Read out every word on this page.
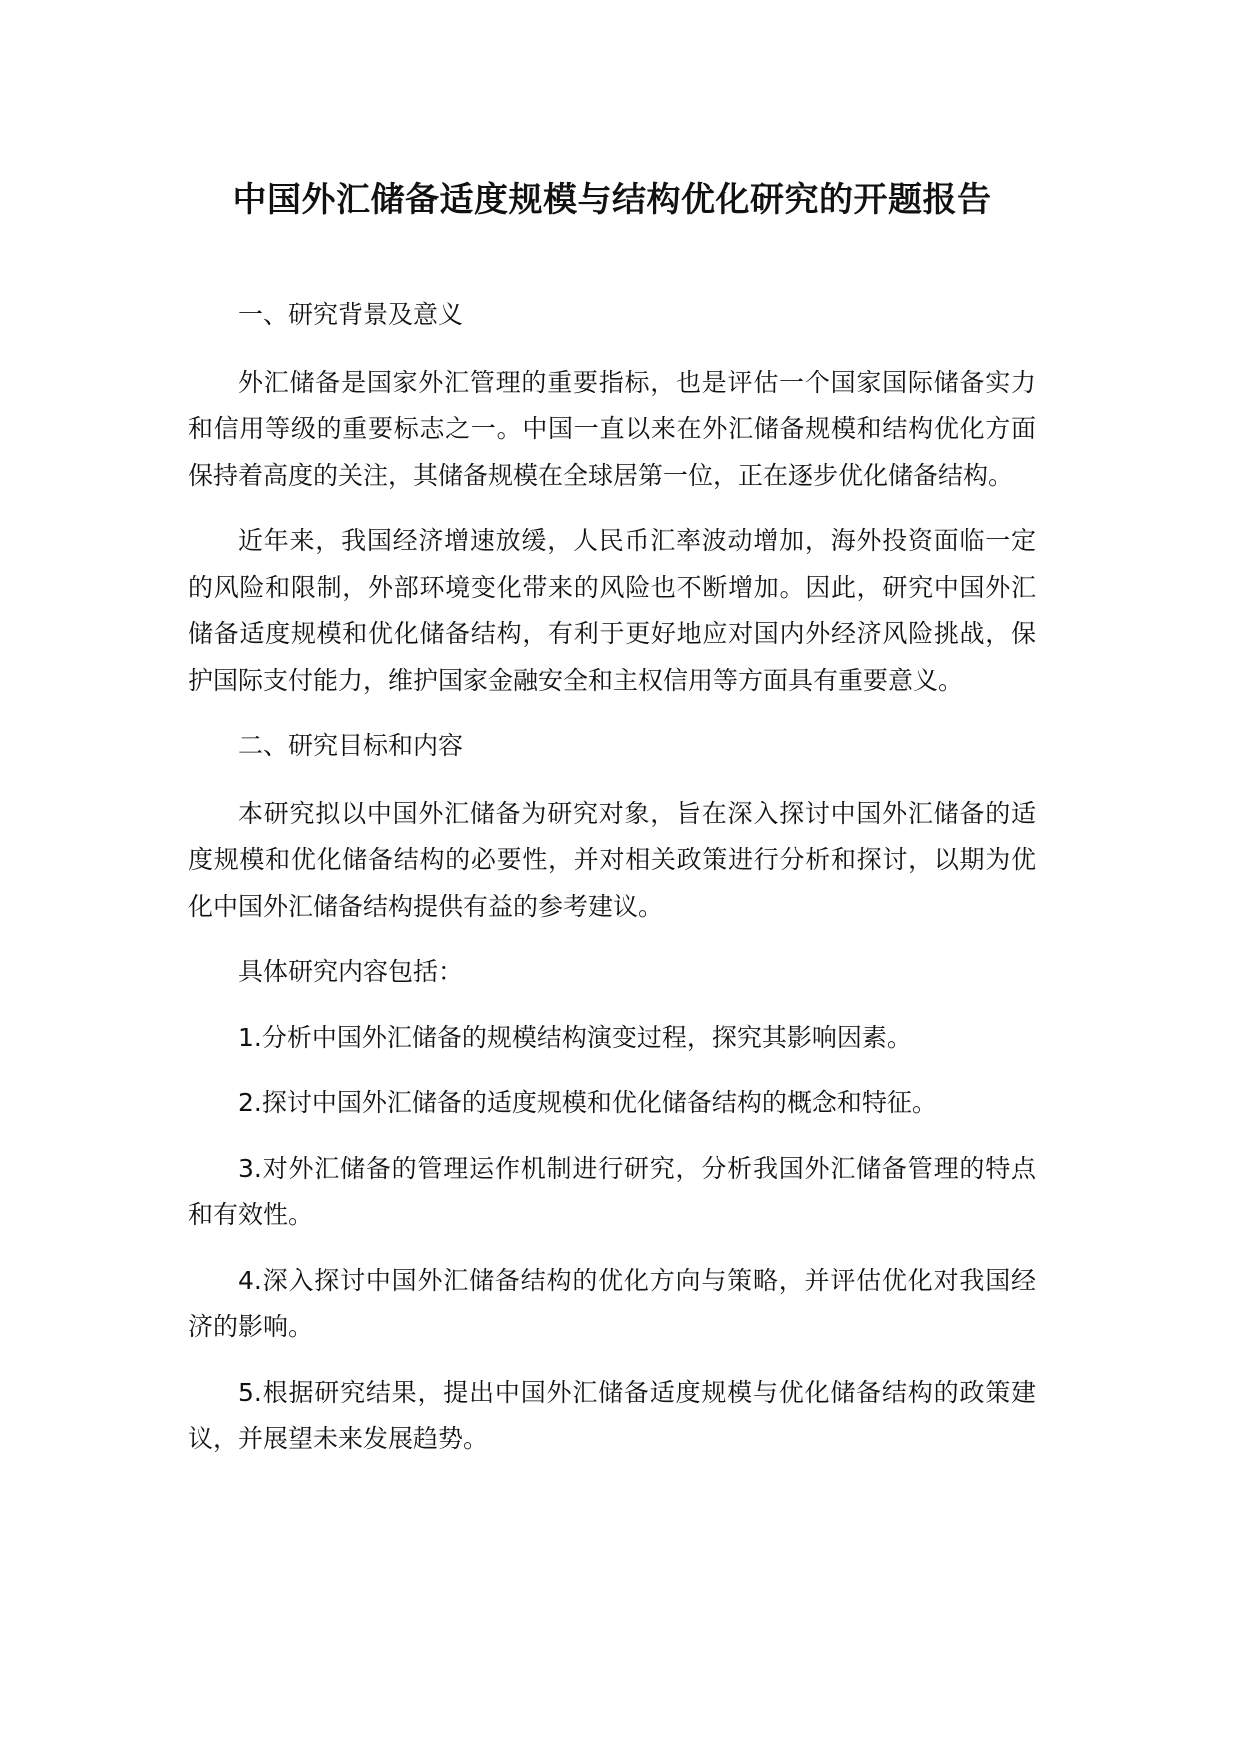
中国外汇储备适度规模与结构优化研究的开题报告

一、研究背景及意义

外汇储备是国家外汇管理的重要指标，也是评估一个国家国际储备实力和信用等级的重要标志之一。中国一直以来在外汇储备规模和结构优化方面保持着高度的关注，其储备规模在全球居第一位，正在逐步优化储备结构。

近年来，我国经济增速放缓，人民币汇率波动增加，海外投资面临一定的风险和限制，外部环境变化带来的风险也不断增加。因此，研究中国外汇储备适度规模和优化储备结构，有利于更好地应对国内外经济风险挑战，保护国际支付能力，维护国家金融安全和主权信用等方面具有重要意义。

二、研究目标和内容

本研究拟以中国外汇储备为研究对象，旨在深入探讨中国外汇储备的适度规模和优化储备结构的必要性，并对相关政策进行分析和探讨，以期为优化中国外汇储备结构提供有益的参考建议。

具体研究内容包括：

1.分析中国外汇储备的规模结构演变过程，探究其影响因素。

2.探讨中国外汇储备的适度规模和优化储备结构的概念和特征。

3.对外汇储备的管理运作机制进行研究，分析我国外汇储备管理的特点和有效性。

4.深入探讨中国外汇储备结构的优化方向与策略，并评估优化对我国经济的影响。

5.根据研究结果，提出中国外汇储备适度规模与优化储备结构的政策建议，并展望未来发展趋势。
